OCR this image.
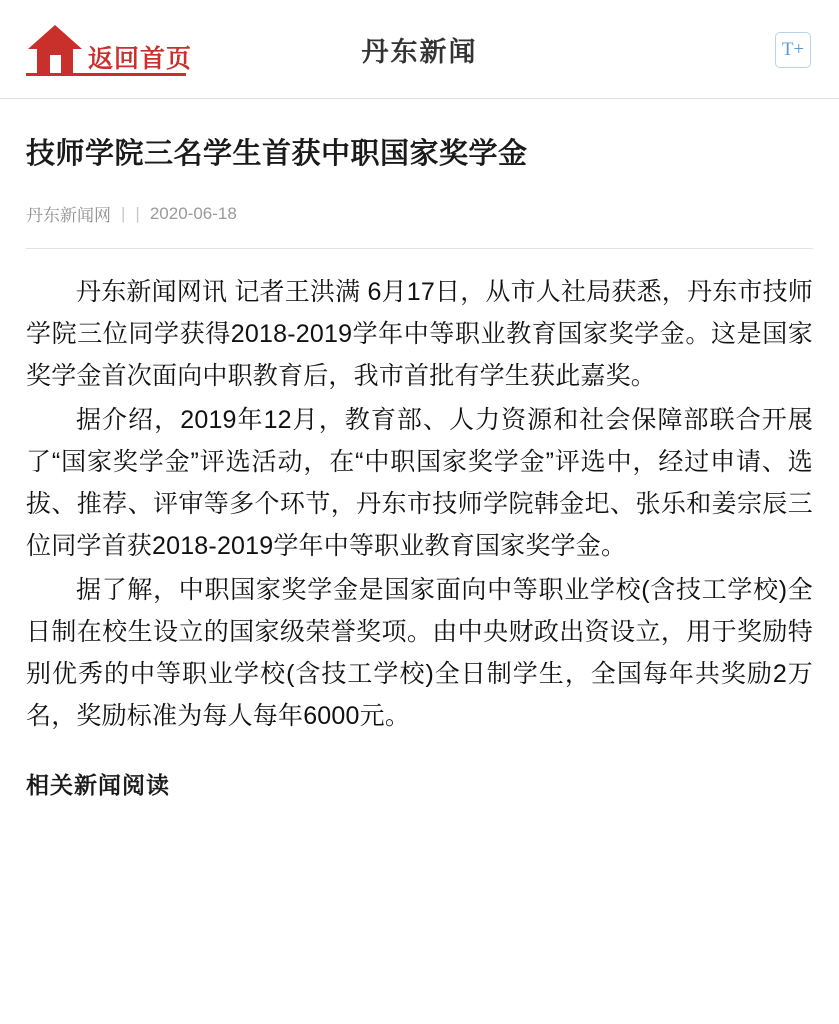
返回首页	丹东新闻	T+
技师学院三名学生首获中职国家奖学金
丹东新闻网 | | 2020-06-18

丹东新闻网讯 记者王洪满 6月17日，从市人社局获悉，丹东市技师学院三位同学获得2018-2019学年中等职业教育国家奖学金。这是国家奖学金首次面向中职教育后，我市首批有学生获此嘉奖。

据介绍，2019年12月，教育部、人力资源和社会保障部联合开展了“国家奖学金”评选活动，在“中职国家奖学金”评选中，经过申请、选拔、推荐、评审等多个环节，丹东市技师学院韩金圯、张乐和姜宗辰三位同学首获2018-2019学年中等职业教育国家奖学金。

据了解，中职国家奖学金是国家面向中等职业学校(含技工学校)全日制在校生设立的国家级荣誉奖项。由中央财政出资设立，用于奖励特别优秀的中等职业学校(含技工学校)全日制学生，全国每年共奖励2万名，奖励标准为每人每年6000元。

相关新闻阅读
